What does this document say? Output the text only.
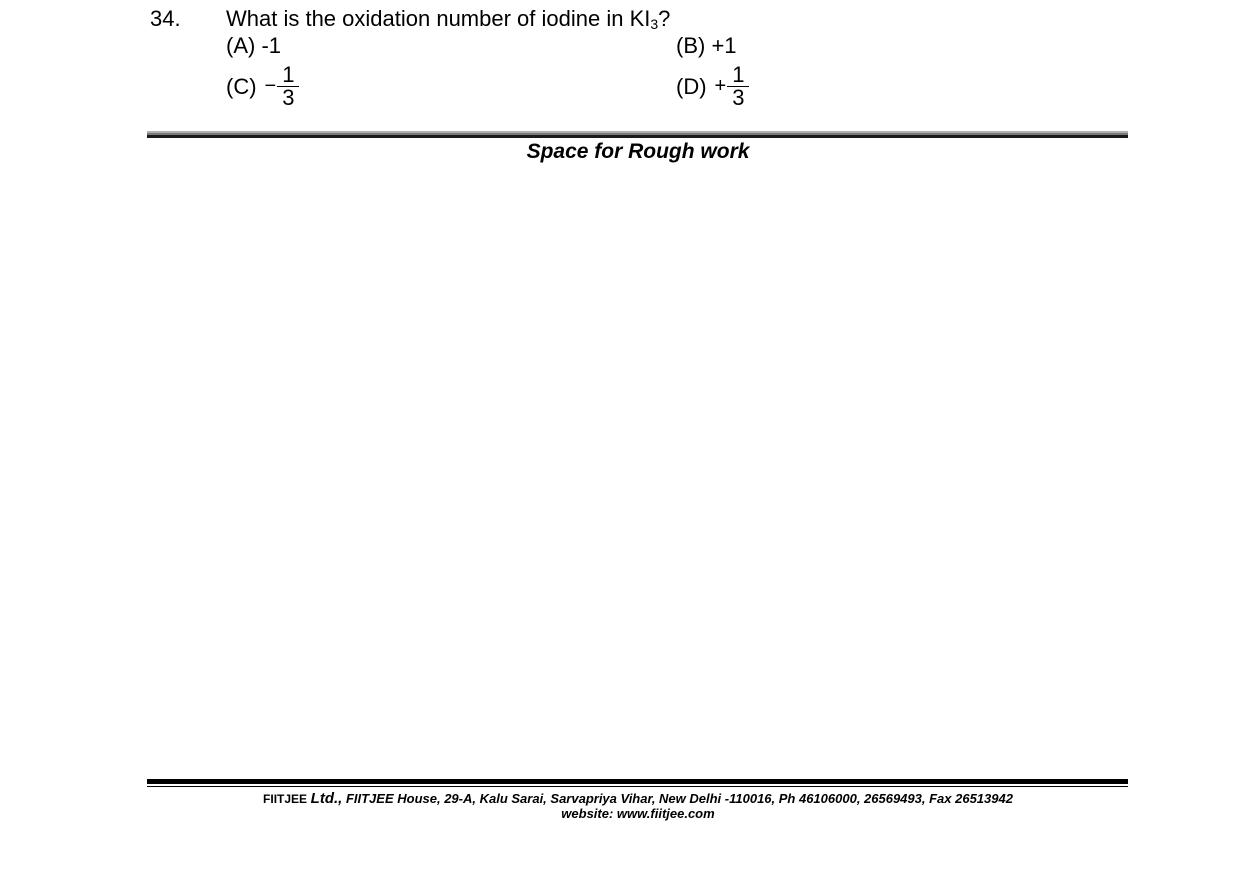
34. What is the oxidation number of iodine in $KI_3$?
(A) -1	(B) +1
$(C) - \frac{1}{3}$	$(D) + \frac{1}{3}$
Space for Rough work
FIITJEE Ltd., FIITJEE House, 29-A, Kalu Sarai, Sarvapriya Vihar, New Delhi -110016, Ph 46106000, 26569493, Fax 26513942
website: www.fiitjee.com
